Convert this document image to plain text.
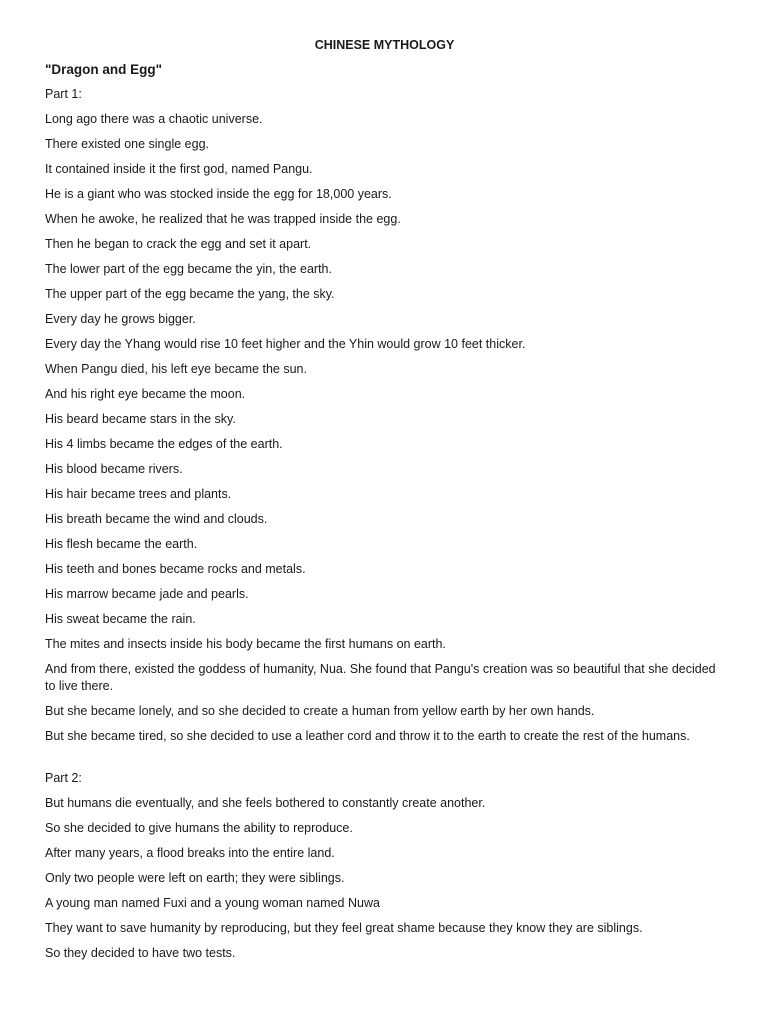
CHINESE MYTHOLOGY
"Dragon and Egg"
Part 1:
Long ago there was a chaotic universe.
There existed one single egg.
It contained inside it the first god, named Pangu.
He is a giant who was stocked inside the egg for 18,000 years.
When he awoke, he realized that he was trapped inside the egg.
Then he began to crack the egg and set it apart.
The lower part of the egg became the yin, the earth.
The upper part of the egg became the yang, the sky.
Every day he grows bigger.
Every day the Yhang would rise 10 feet higher and the Yhin would grow 10 feet thicker.
When Pangu died, his left eye became the sun.
And his right eye became the moon.
His beard became stars in the sky.
His 4 limbs became the edges of the earth.
His blood became rivers.
His hair became trees and plants.
His breath became the wind and clouds.
His flesh became the earth.
His teeth and bones became rocks and metals.
His marrow became jade and pearls.
His sweat became the rain.
The mites and insects inside his body became the first humans on earth.
And from there, existed the goddess of humanity, Nua. She found that Pangu's creation was so beautiful that she decided to live there.
But she became lonely, and so she decided to create a human from yellow earth by her own hands.
But she became tired, so she decided to use a leather cord and throw it to the earth to create the rest of the humans.
Part 2:
But humans die eventually, and she feels bothered to constantly create another.
So she decided to give humans the ability to reproduce.
After many years, a flood breaks into the entire land.
Only two people were left on earth; they were siblings.
A young man named Fuxi and a young woman named Nuwa
They want to save humanity by reproducing, but they feel great shame because they know they are siblings.
So they decided to have two tests.
